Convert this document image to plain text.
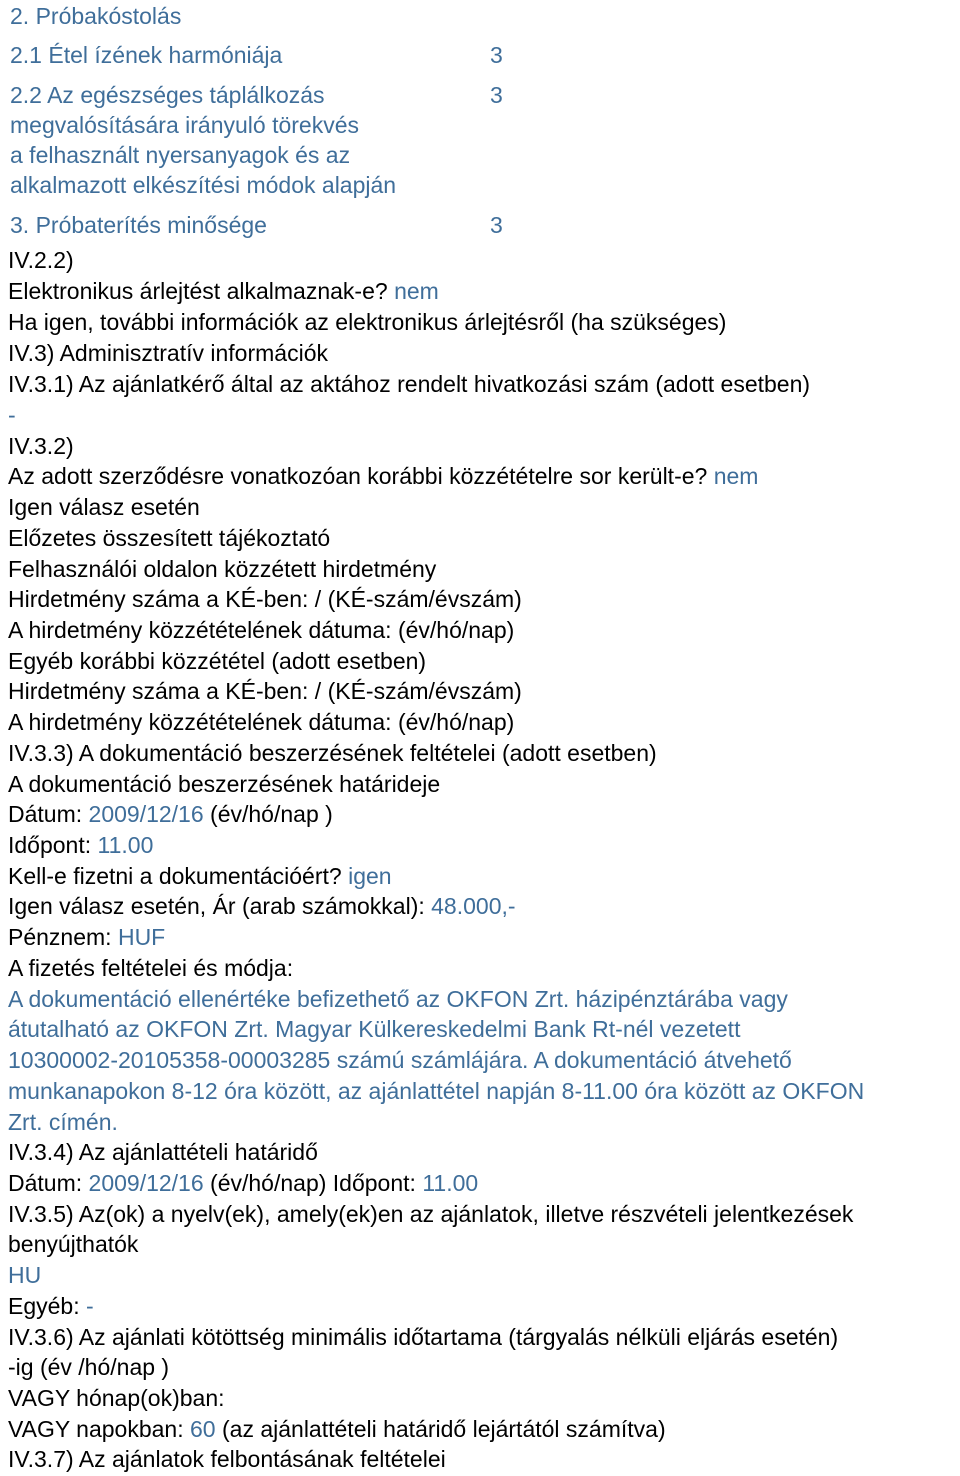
2. Próbakóstolás
2.1 Étel ízének harmóniája	3
2.2 Az egészséges táplálkozás
megvalósítására irányuló törekvés
a felhasznált nyersanyagok és az
alkalmazott elkészítési módok alapján
3
3. Próbaterítés minősége	3
IV.2.2)
Elektronikus árlejtést alkalmaznak-e? nem
Ha igen, további információk az elektronikus árlejtésről (ha szükséges)
IV.3) Adminisztratív információk
IV.3.1) Az ajánlatkérő által az aktához rendelt hivatkozási szám (adott esetben)
-
IV.3.2)
Az adott szerződésre vonatkozóan korábbi közzétételre sor került-e? nem
Igen válasz esetén
Előzetes összesített tájékoztató
Felhasználói oldalon közzétett hirdetmény
Hirdetmény száma a KÉ-ben: / (KÉ-szám/évszám)
A hirdetmény közzétételének dátuma: (év/hó/nap)
Egyéb korábbi közzététel (adott esetben)
Hirdetmény száma a KÉ-ben: / (KÉ-szám/évszám)
A hirdetmény közzétételének dátuma: (év/hó/nap)
IV.3.3) A dokumentáció beszerzésének feltételei (adott esetben)
A dokumentáció beszerzésének határideje
Dátum: 2009/12/16 (év/hó/nap )
Időpont: 11.00
Kell-e fizetni a dokumentációért? igen
Igen válasz esetén, Ár (arab számokkal): 48.000,-
Pénznem: HUF
A fizetés feltételei és módja:
A dokumentáció ellenértéke befizethető az OKFON Zrt. házipénztárába vagy
átutalható az OKFON Zrt. Magyar Külkereskedelmi Bank Rt-nél vezetett
10300002-20105358-00003285 számú számlájára. A dokumentáció átvehető
munkanapokon 8-12 óra között, az ajánlattétel napján 8-11.00 óra között az OKFON
Zrt. címén.
IV.3.4) Az ajánlattételi határidő
Dátum: 2009/12/16 (év/hó/nap) Időpont: 11.00
IV.3.5) Az(ok) a nyelv(ek), amely(ek)en az ajánlatok, illetve részvételi jelentkezések
benyújthatók
HU
Egyéb: -
IV.3.6) Az ajánlati kötöttség minimális időtartama (tárgyalás nélküli eljárás esetén)
-ig (év /hó/nap )
VAGY hónap(ok)ban:
VAGY napokban: 60 (az ajánlattételi határidő lejártától számítva)
IV.3.7) Az ajánlatok felbontásának feltételei
